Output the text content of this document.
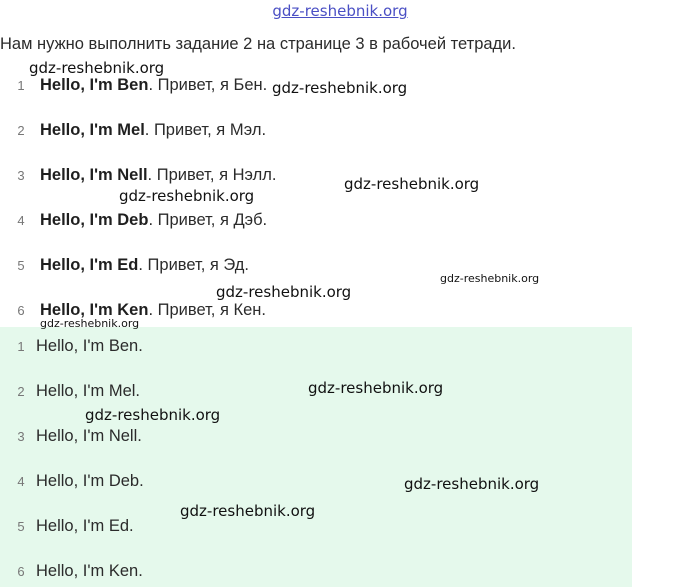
gdz-reshebnik.org
Нам нужно выполнить задание 2 на странице 3 в рабочей тетради.
1 Hello, I'm Ben. Привет, я Бен.
2 Hello, I'm Mel. Привет, я Мэл.
3 Hello, I'm Nell. Привет, я Нэлл.
4 Hello, I'm Deb. Привет, я Дэб.
5 Hello, I'm Ed. Привет, я Эд.
6 Hello, I'm Ken. Привет, я Кен.
1 Hello, I'm Ben.
2 Hello, I'm Mel.
3 Hello, I'm Nell.
4 Hello, I'm Deb.
5 Hello, I'm Ed.
6 Hello, I'm Ken.
gdz-reshebnik.org
gdz-reshebnik.org
gdz-reshebnik.org
gdz-reshebnik.org
gdz-reshebnik.org
gdz-reshebnik.org
gdz-reshebnik.org
gdz-reshebnik.org
gdz-reshebnik.org
gdz-reshebnik.org
gdz-reshebnik.org
